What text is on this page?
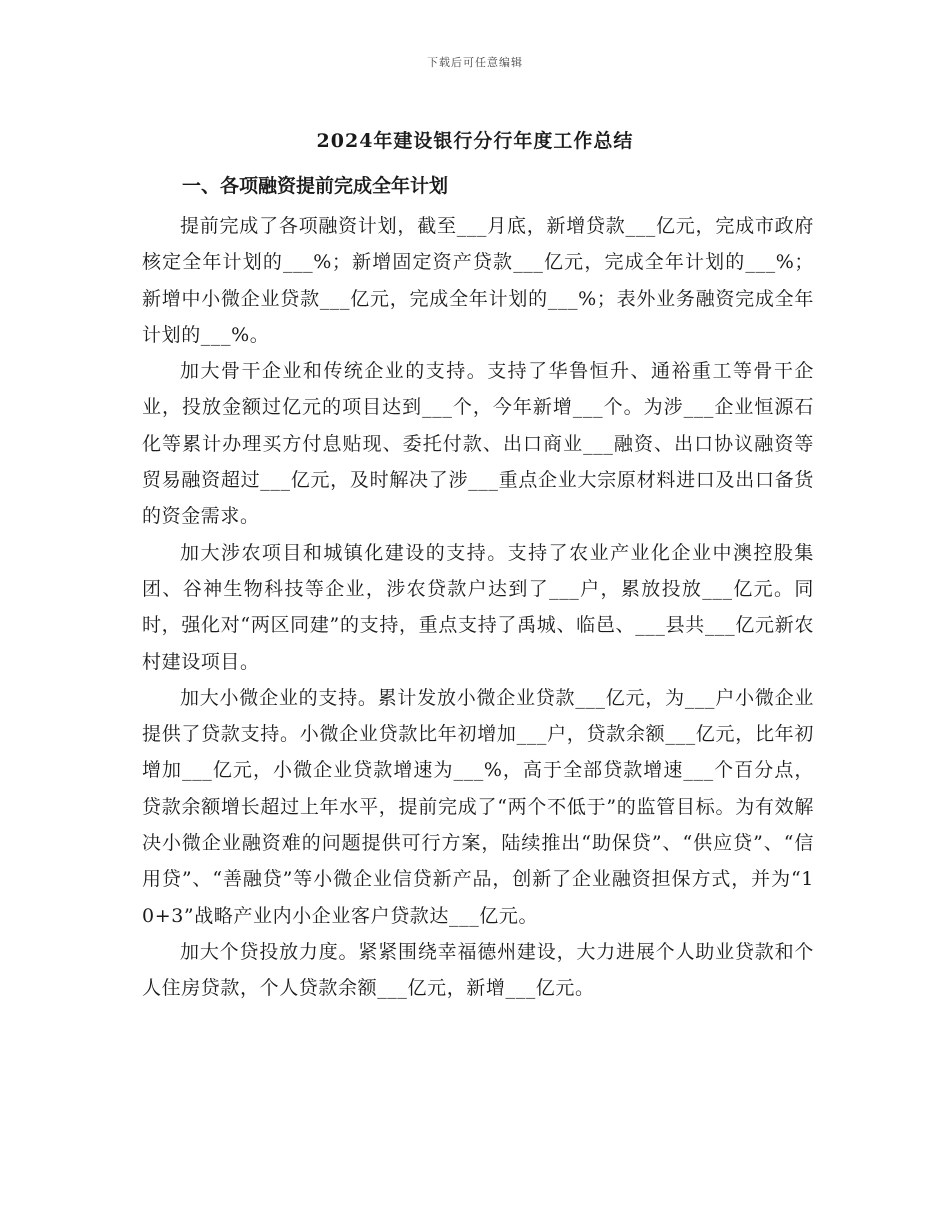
下载后可任意编辑
2024年建设银行分行年度工作总结
一、各项融资提前完成全年计划

提前完成了各项融资计划，截至___月底，新增贷款___亿元，完成市政府核定全年计划的___%；新增固定资产贷款___亿元，完成全年计划的___%；新增中小微企业贷款___亿元，完成全年计划的___%；表外业务融资完成全年计划的___%。

加大骨干企业和传统企业的支持。支持了华鲁恒升、通裕重工等骨干企业，投放金额过亿元的项目达到___个，今年新增___个。为涉___企业恒源石化等累计办理买方付息贴现、委托付款、出口商业___融资、出口协议融资等贸易融资超过___亿元，及时解决了涉___重点企业大宗原材料进口及出口备货的资金需求。

加大涉农项目和城镇化建设的支持。支持了农业产业化企业中澳控股集团、谷神生物科技等企业，涉农贷款户达到了___户，累放投放___亿元。同时，强化对“两区同建”的支持，重点支持了禹城、临邑、___县共___亿元新农村建设项目。

加大小微企业的支持。累计发放小微企业贷款___亿元，为___户小微企业提供了贷款支持。小微企业贷款比年初增加___户，贷款余额___亿元，比年初增加___亿元，小微企业贷款增速为___%，高于全部贷款增速___个百分点，贷款余额增长超过上年水平，提前完成了“两个不低于”的监管目标。为有效解决小微企业融资难的问题提供可行方案，陆续推出“助保贷”、“供应贷”、“信用贷”、“善融贷”等小微企业信贷新产品，创新了企业融资担保方式，并为“10+3”战略产业内小企业客户贷款达___亿元。

加大个贷投放力度。紧紧围绕幸福德州建设，大力进展个人助业贷款和个人住房贷款，个人贷款余额___亿元，新增___亿元。
